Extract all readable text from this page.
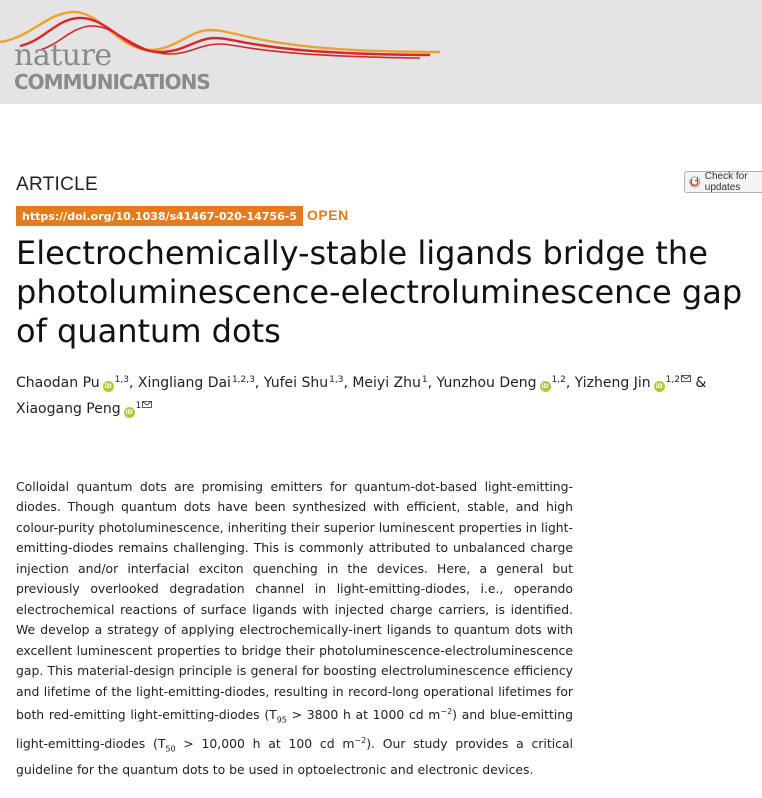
nature
COMMUNICATIONS
ARTICLE	Check for updates
https://doi.org/10.1038/s41467-020-14756-5 OPEN
Electrochemically-stable ligands bridge the photoluminescence-electroluminescence gap of quantum dots
Chaodan Pu iD$^{1,3}$, Xingliang Dai$^{1,2,3}$, Yufei Shu$^{1,3}$, Meiyi Zhu$^1$, Yunzhou Deng iD$^{1,2}$, Yizheng Jin iD$^{1,2}$ & Xiaogang Peng $iD^1$

Colloidal quantum dots are promising emitters for quantum-dot-based light-emitting-diodes. Though quantum dots have been synthesized with efficient, stable, and high colour-purity photoluminescence, inheriting their superior luminescent properties in light-emitting-diodes remains challenging. This is commonly attributed to unbalanced charge injection and/or interfacial exciton quenching in the devices. Here, a general but previously overlooked degradation channel in light-emitting-diodes, i.e., operando electrochemical reactions of surface ligands with injected charge carriers, is identified. We develop a strategy of applying electrochemically-inert ligands to quantum dots with excellent luminescent properties to bridge their photoluminescence-electroluminescence gap. This material-design principle is general for boosting electroluminescence efficiency and lifetime of the light-emitting-diodes, resulting in record-long operational lifetimes for both red-emitting light-emitting-diodes ($T_{95} > 3800$ h at 1000 cd $m^{-2}$) and blue-emitting light-emitting-diodes ($T_{50} > 10,000$ h at 100 cd $m^{-2}$). Our study provides a critical guideline for the quantum dots to be used in optoelectronic and electronic devices.
